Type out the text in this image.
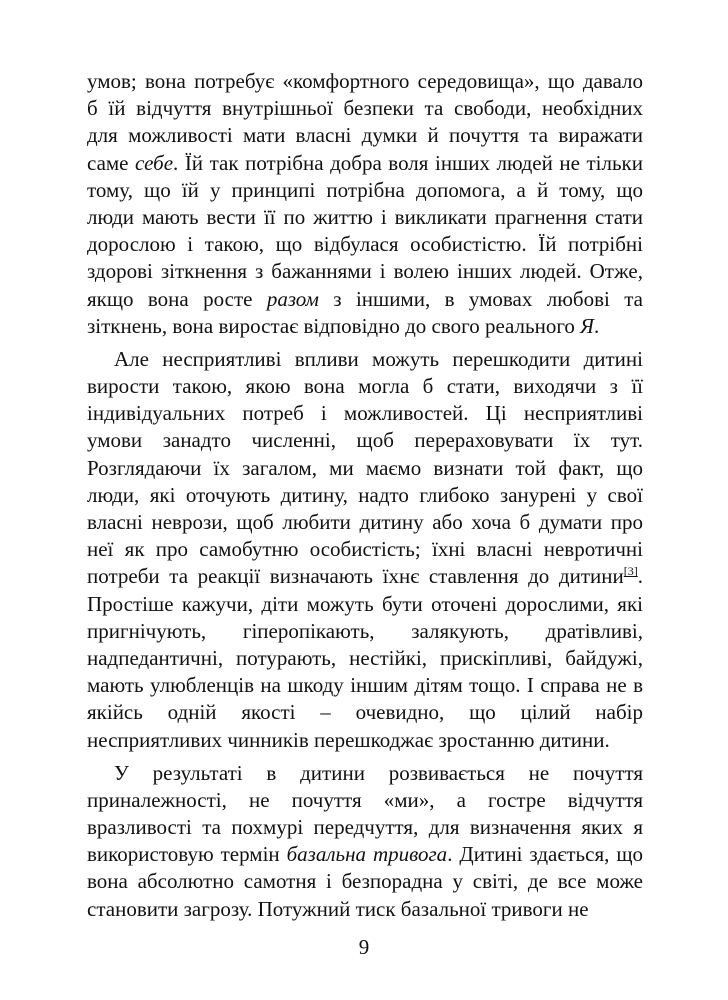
умов; вона потребує «комфортного середовища», що давало
б їй відчуття внутрішньої безпеки та свободи, необхідних
для можливості мати власні думки й почуття та виражати
саме себе. Їй так потрібна добра воля інших людей не тільки
тому, що їй у принципі потрібна допомога, а й тому, що
люди мають вести її по життю і викликати прагнення стати
дорослою і такою, що відбулася особистістю. Їй потрібні
здорові зіткнення з бажаннями і волею інших людей. Отже,
якщо вона росте разом з іншими, в умовах любові та
зіткнень, вона виростає відповідно до свого реального Я.
Але несприятливі впливи можуть перешкодити дитині
вирости такою, якою вона могла б стати, виходячи з її
індивідуальних потреб і можливостей. Ці несприятливі
умови занадто численні, щоб перераховувати їх тут.
Розглядаючи їх загалом, ми маємо визнати той факт, що
люди, які оточують дитину, надто глибоко занурені у свої
власні неврози, щоб любити дитину або хоча б думати про
неї як про самобутню особистість; їхні власні невротичні
потреби та реакції визначають їхнє ставлення до дитини[3].
Простіше кажучи, діти можуть бути оточені дорослими, які
пригнічують, гіперопікають, залякують, дратівливі,
надпедантичні, потурають, нестійкі, прискіпливі, байдужі,
мають улюбленців на шкоду іншим дітям тощо. І справа не в
якійсь одній якості – очевидно, що цілий набір
несприятливих чинників перешкоджає зростанню дитини.
У результаті в дитини розвивається не почуття
приналежності, не почуття «ми», а гостре відчуття
вразливості та похмурі передчуття, для визначення яких я
використовую термін базальна тривога. Дитині здається, що
вона абсолютно самотня і безпорадна у світі, де все може
становити загрозу. Потужний тиск базальної тривоги не
9
